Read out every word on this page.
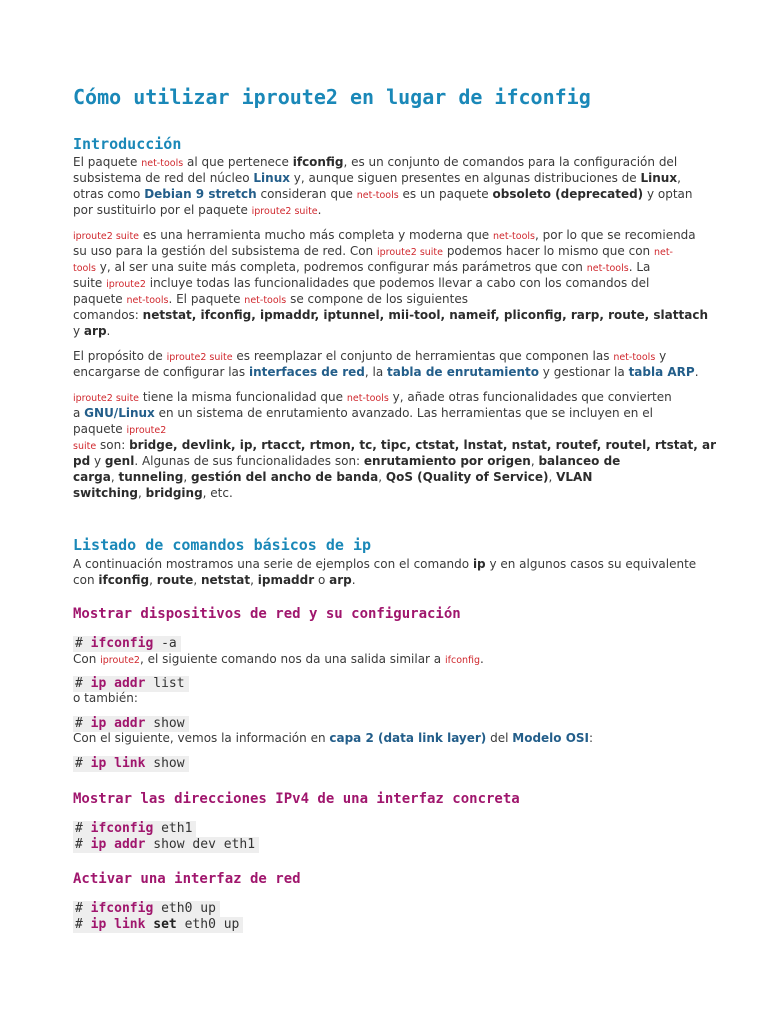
Cómo utilizar iproute2 en lugar de ifconfig
Introducción
El paquete net-tools al que pertenece ifconfig, es un conjunto de comandos para la configuración del
subsistema de red del núcleo Linux y, aunque siguen presentes en algunas distribuciones de Linux,
otras como Debian 9 stretch consideran que net-tools es un paquete obsoleto (deprecated) y optan
por sustituirlo por el paquete iproute2 suite.
iproute2 suite es una herramienta mucho más completa y moderna que net-tools, por lo que se recomienda
su uso para la gestión del subsistema de red. Con iproute2 suite podemos hacer lo mismo que con net-
tools y, al ser una suite más completa, podremos configurar más parámetros que con net-tools. La
suite iproute2 incluye todas las funcionalidades que podemos llevar a cabo con los comandos del
paquete net-tools. El paquete net-tools se compone de los siguientes
comandos: netstat, ifconfig, ipmaddr, iptunnel, mii-tool, nameif, pliconfig, rarp, route, slattach
y arp.
El propósito de iproute2 suite es reemplazar el conjunto de herramientas que componen las net-tools y
encargarse de configurar las interfaces de red, la tabla de enrutamiento y gestionar la tabla ARP.
iproute2 suite tiene la misma funcionalidad que net-tools y, añade otras funcionalidades que convierten
a GNU/Linux en un sistema de enrutamiento avanzado. Las herramientas que se incluyen en el
paquete iproute2
suite son: bridge, devlink, ip, rtacct, rtmon, tc, tipc, ctstat, lnstat, nstat, routef, routel, rtstat, ar
pd y genl. Algunas de sus funcionalidades son: enrutamiento por origen, balanceo de
carga, tunneling, gestión del ancho de banda, QoS (Quality of Service), VLAN
switching, bridging, etc.
Listado de comandos básicos de ip
A continuación mostramos una serie de ejemplos con el comando ip y en algunos casos su equivalente
con ifconfig, route, netstat, ipmaddr o arp.
Mostrar dispositivos de red y su configuración
# ifconfig -a
Con iproute2, el siguiente comando nos da una salida similar a ifconfig.
# ip addr list
o también:
# ip addr show
Con el siguiente, vemos la información en capa 2 (data link layer) del Modelo OSI:
# ip link show
Mostrar las direcciones IPv4 de una interfaz concreta
# ifconfig eth1
# ip addr show dev eth1
Activar una interfaz de red
# ifconfig eth0 up
# ip link set eth0 up
